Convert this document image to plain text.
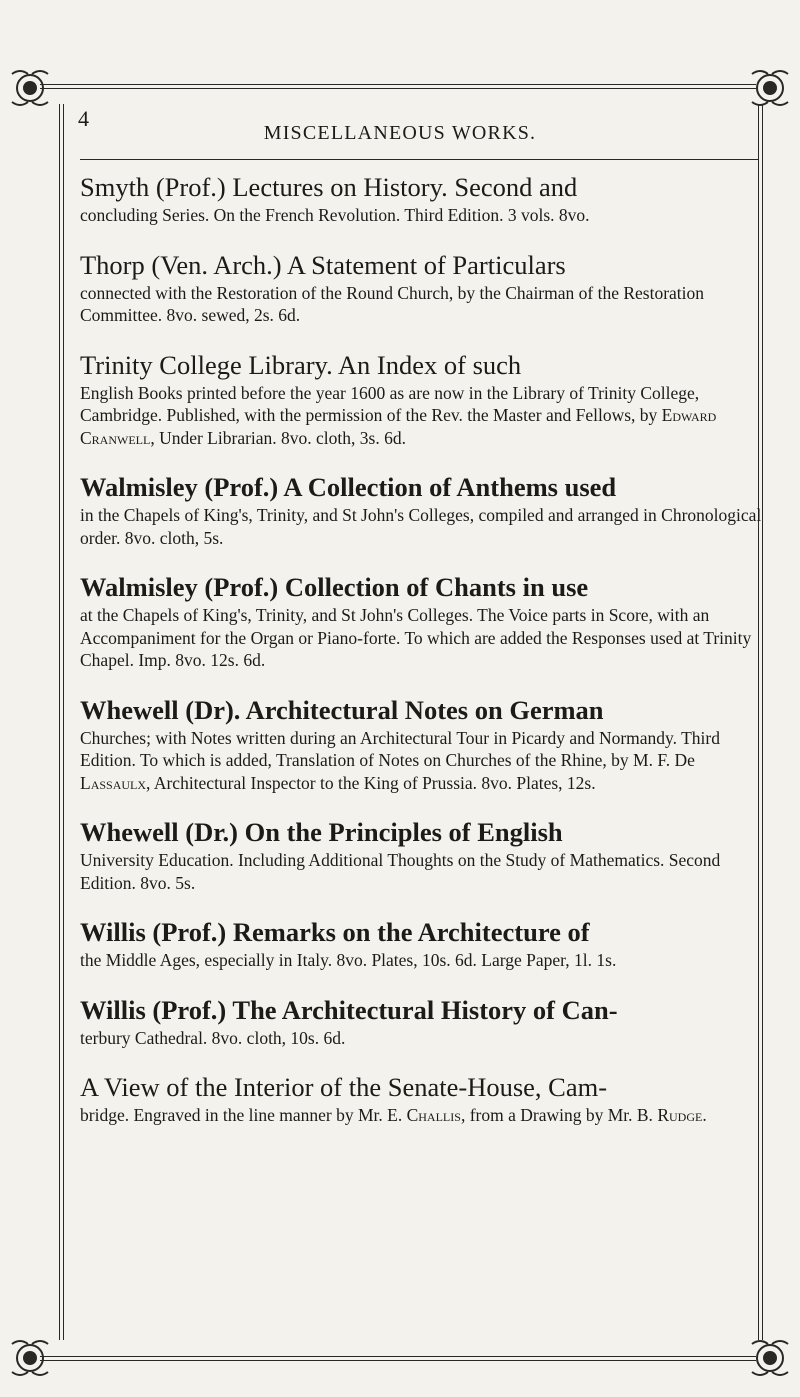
4
MISCELLANEOUS WORKS.
Smyth (Prof.) Lectures on History. Second and
concluding Series. On the French Revolution. Third Edition. 3 vols. 8vo.
Thorp (Ven. Arch.) A Statement of Particulars
connected with the Restoration of the Round Church, by the Chairman of the Restoration Committee. 8vo. sewed, 2s. 6d.
Trinity College Library. An Index of such
English Books printed before the year 1600 as are now in the Library of Trinity College, Cambridge. Published, with the permission of the Rev. the Master and Fellows, by Edward Cranwell, Under Librarian. 8vo. cloth, 3s. 6d.
Walmisley (Prof.) A Collection of Anthems used
in the Chapels of King's, Trinity, and St John's Colleges, compiled and arranged in Chronological order. 8vo. cloth, 5s.
Walmisley (Prof.) Collection of Chants in use
at the Chapels of King's, Trinity, and St John's Colleges. The Voice parts in Score, with an Accompaniment for the Organ or Piano-forte. To which are added the Responses used at Trinity Chapel. Imp. 8vo. 12s. 6d.
Whewell (Dr). Architectural Notes on German
Churches; with Notes written during an Architectural Tour in Picardy and Normandy. Third Edition. To which is added, Translation of Notes on Churches of the Rhine, by M. F. De Lassaulx, Architectural Inspector to the King of Prussia. 8vo. Plates, 12s.
Whewell (Dr.) On the Principles of English
University Education. Including Additional Thoughts on the Study of Mathematics. Second Edition. 8vo. 5s.
Willis (Prof.) Remarks on the Architecture of
the Middle Ages, especially in Italy. 8vo. Plates, 10s. 6d. Large Paper, 1l. 1s.
Willis (Prof.) The Architectural History of Can-
terbury Cathedral. 8vo. cloth, 10s. 6d.
A View of the Interior of the Senate-House, Cam-
bridge. Engraved in the line manner by Mr. E. Challis, from a Drawing by Mr. B. Rudge.
